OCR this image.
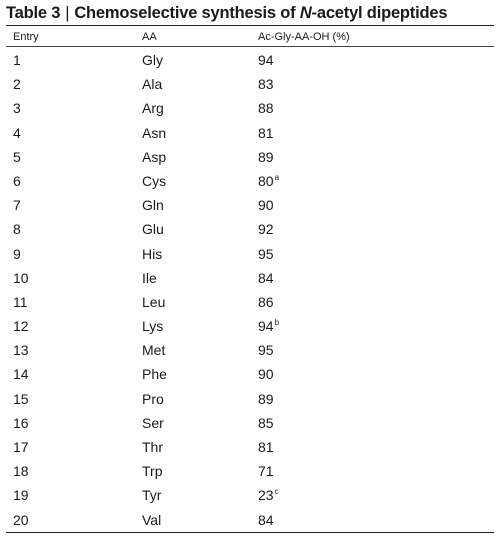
Table 3 | Chemoselective synthesis of N-acetyl dipeptides
Entry	AA	Ac-Gly-AA-OH (%)
1	Gly	94
2	Ala	83
3	Arg	88
4	Asn	81
5	Asp	89
6	Cys	80$^a$
7	Gln	90
8	Glu	92
9	His	95
10	Ile	84
11	Leu	86
12	Lys	94$^b$
13	Met	95
14	Phe	90
15	Pro	89
16	Ser	85
17	Thr	81
18	Trp	71
19	Tyr	23$^c$
20	Val	84
